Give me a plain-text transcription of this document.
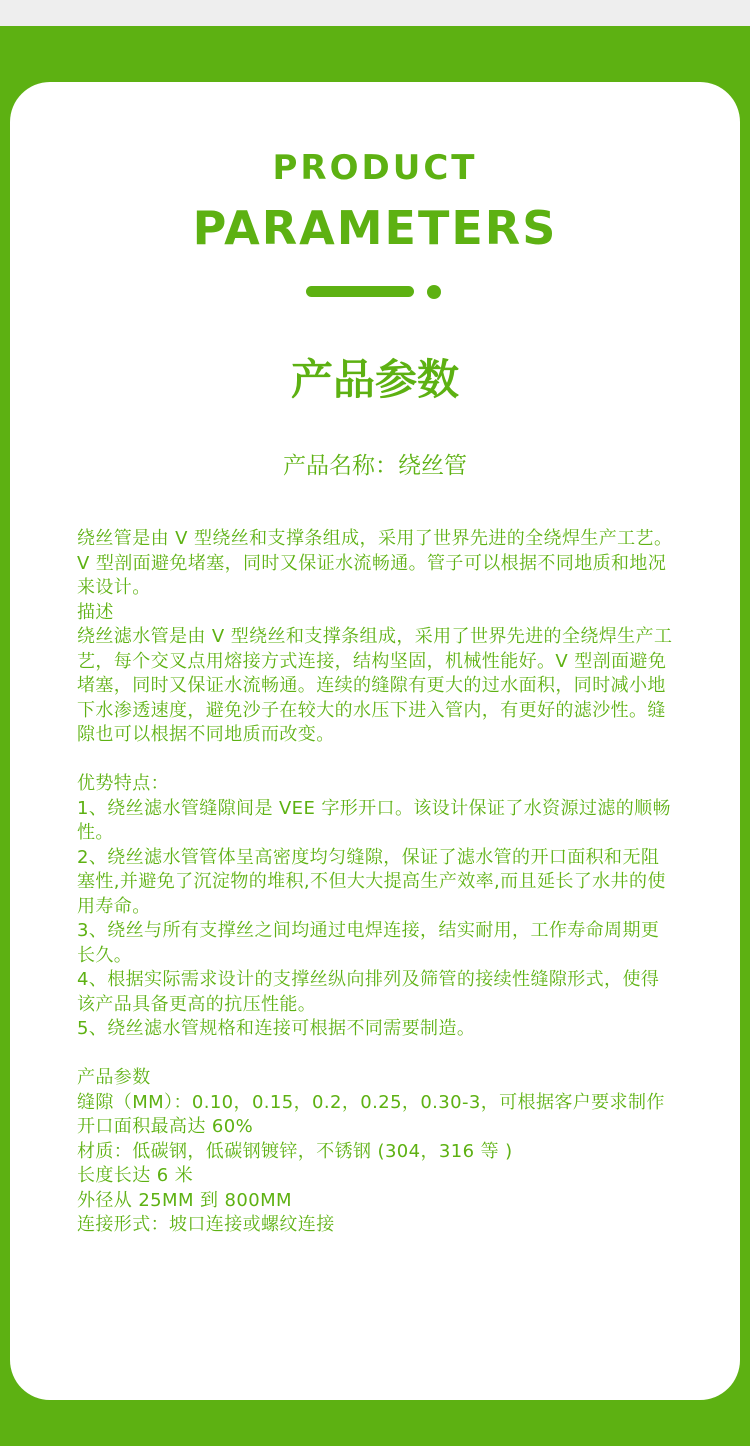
PRODUCT
PARAMETERS
产品参数
产品名称：绕丝管

绕丝管是由 V 型绕丝和支撑条组成，采用了世界先进的全绕焊生产工艺。V 型剖面避免堵塞，同时又保证水流畅通。管子可以根据不同地质和地况来设计。

描述

绕丝滤水管是由 V 型绕丝和支撑条组成，采用了世界先进的全绕焊生产工艺，每个交叉点用熔接方式连接，结构坚固，机械性能好。V 型剖面避免堵塞，同时又保证水流畅通。连续的缝隙有更大的过水面积，同时减小地下水渗透速度，避免沙子在较大的水压下进入管内，有更好的滤沙性。缝隙也可以根据不同地质而改变。

优势特点：

1、绕丝滤水管缝隙间是 VEE 字形开口。该设计保证了水资源过滤的顺畅性。

2、绕丝滤水管管体呈高密度均匀缝隙，保证了滤水管的开口面积和无阻塞性,并避免了沉淀物的堆积,不但大大提高生产效率,而且延长了水井的使用寿命。

3、绕丝与所有支撑丝之间均通过电焊连接，结实耐用，工作寿命周期更长久。

4、根据实际需求设计的支撑丝纵向排列及筛管的接续性缝隙形式，使得该产品具备更高的抗压性能。

5、绕丝滤水管规格和连接可根据不同需要制造。

产品参数

缝隙（MM）：0.10，0.15，0.2，0.25，0.30-3，可根据客户要求制作

开口面积最高达 60%

材质：低碳钢，低碳钢镀锌，不锈钢 (304，316 等 )

长度长达 6 米

外径从 25MM 到 800MM

连接形式：坡口连接或螺纹连接
